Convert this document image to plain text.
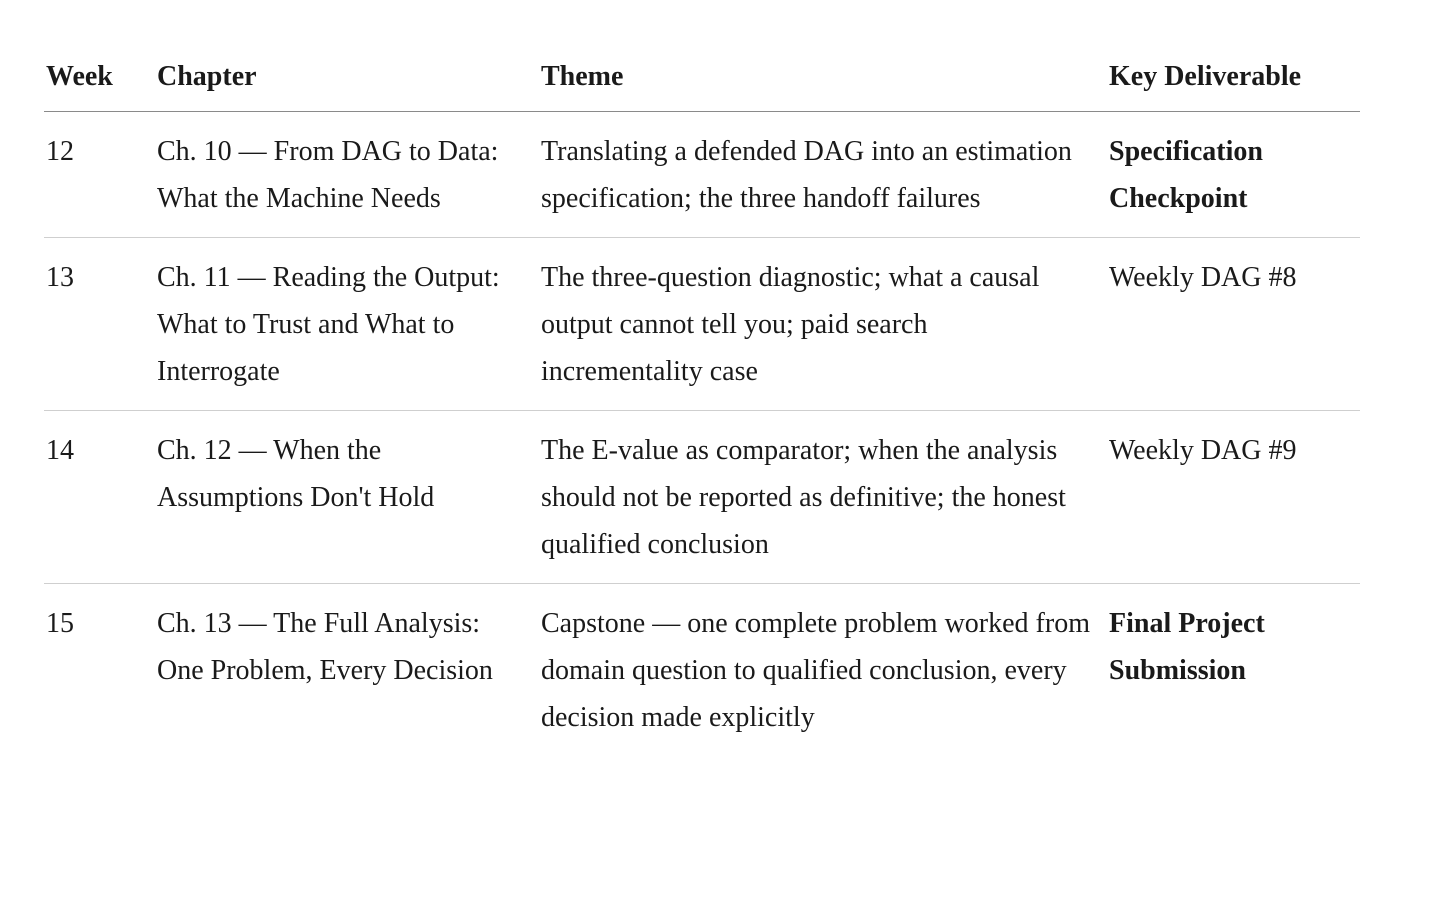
Week	Chapter	Theme	Key Deliverable
12	Ch. 10 — From DAG to Data: What the Machine Needs	Translating a defended DAG into an estimation specification; the three handoff failures	Specification Checkpoint
13	Ch. 11 — Reading the Output: What to Trust and What to Interrogate	The three-question diagnostic; what a causal output cannot tell you; paid search incrementality case	Weekly DAG #8
14	Ch. 12 — When the Assumptions Don't Hold	The E-value as comparator; when the analysis should not be reported as definitive; the honest qualified conclusion	Weekly DAG #9
15	Ch. 13 — The Full Analysis: One Problem, Every Decision	Capstone — one complete problem worked from domain question to qualified conclusion, every decision made explicitly	Final Project Submission
